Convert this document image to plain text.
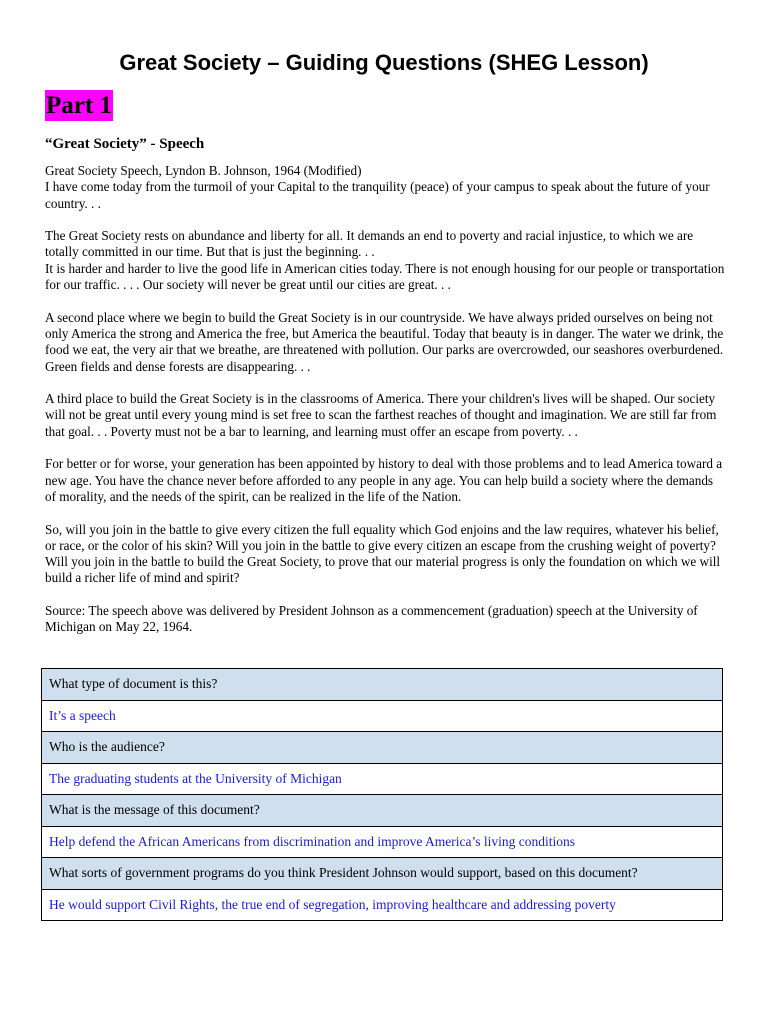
Great Society – Guiding Questions (SHEG Lesson)
Part 1
“Great Society” - Speech

Great Society Speech, Lyndon B. Johnson, 1964 (Modified)
I have come today from the turmoil of your Capital to the tranquility (peace) of your campus to speak about the future of your country. . .

The Great Society rests on abundance and liberty for all. It demands an end to poverty and racial injustice, to which we are totally committed in our time. But that is just the beginning. . .

It is harder and harder to live the good life in American cities today. There is not enough housing for our people or transportation for our traffic. . . . Our society will never be great until our cities are great. . .

A second place where we begin to build the Great Society is in our countryside. We have always prided ourselves on being not only America the strong and America the free, but America the beautiful. Today that beauty is in danger. The water we drink, the food we eat, the very air that we breathe, are threatened with pollution. Our parks are overcrowded, our seashores overburdened. Green fields and dense forests are disappearing. . .

A third place to build the Great Society is in the classrooms of America. There your children's lives will be shaped. Our society will not be great until every young mind is set free to scan the farthest reaches of thought and imagination. We are still far from that goal. . . Poverty must not be a bar to learning, and learning must offer an escape from poverty. . .

For better or for worse, your generation has been appointed by history to deal with those problems and to lead America toward a new age. You have the chance never before afforded to any people in any age. You can help build a society where the demands of morality, and the needs of the spirit, can be realized in the life of the Nation.

So, will you join in the battle to give every citizen the full equality which God enjoins and the law requires, whatever his belief, or race, or the color of his skin? Will you join in the battle to give every citizen an escape from the crushing weight of poverty? Will you join in the battle to build the Great Society, to prove that our material progress is only the foundation on which we will build a richer life of mind and spirit?

Source: The speech above was delivered by President Johnson as a commencement (graduation) speech at the University of Michigan on May 22, 1964.

What type of document is this?
It’s a speech
Who is the audience?
The graduating students at the University of Michigan
What is the message of this document?
Help defend the African Americans from discrimination and improve America’s living conditions
What sorts of government programs do you think President Johnson would support, based on this document?
He would support Civil Rights, the true end of segregation, improving healthcare and addressing poverty
